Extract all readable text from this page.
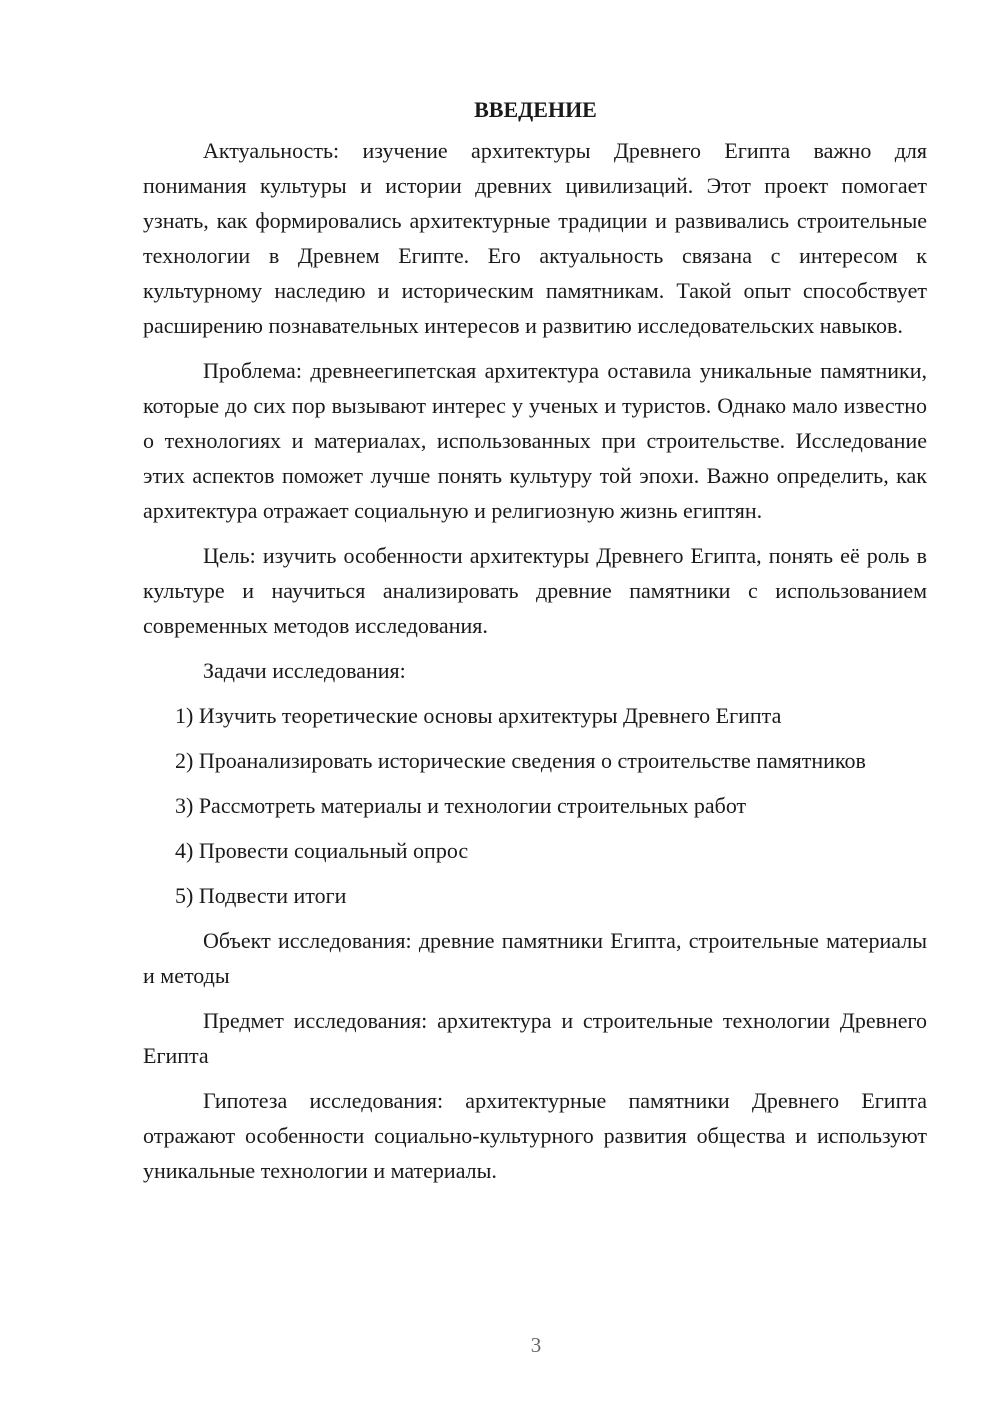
ВВЕДЕНИЕ

Актуальность: изучение архитектуры Древнего Египта важно для понимания культуры и истории древних цивилизаций. Этот проект помогает узнать, как формировались архитектурные традиции и развивались строительные технологии в Древнем Египте. Его актуальность связана с интересом к культурному наследию и историческим памятникам. Такой опыт способствует расширению познавательных интересов и развитию исследовательских навыков.

Проблема: древнеегипетская архитектура оставила уникальные памятники, которые до сих пор вызывают интерес у ученых и туристов. Однако мало известно о технологиях и материалах, использованных при строительстве. Исследование этих аспектов поможет лучше понять культуру той эпохи. Важно определить, как архитектура отражает социальную и религиозную жизнь египтян.

Цель: изучить особенности архитектуры Древнего Египта, понять её роль в культуре и научиться анализировать древние памятники с использованием современных методов исследования.

Задачи исследования:

1) Изучить теоретические основы архитектуры Древнего Египта

2) Проанализировать исторические сведения о строительстве памятников

3) Рассмотреть материалы и технологии строительных работ

4) Провести социальный опрос

5) Подвести итоги

Объект исследования: древние памятники Египта, строительные материалы и методы

Предмет исследования: архитектура и строительные технологии Древнего Египта

Гипотеза исследования: архитектурные памятники Древнего Египта отражают особенности социально-культурного развития общества и используют уникальные технологии и материалы.

3
